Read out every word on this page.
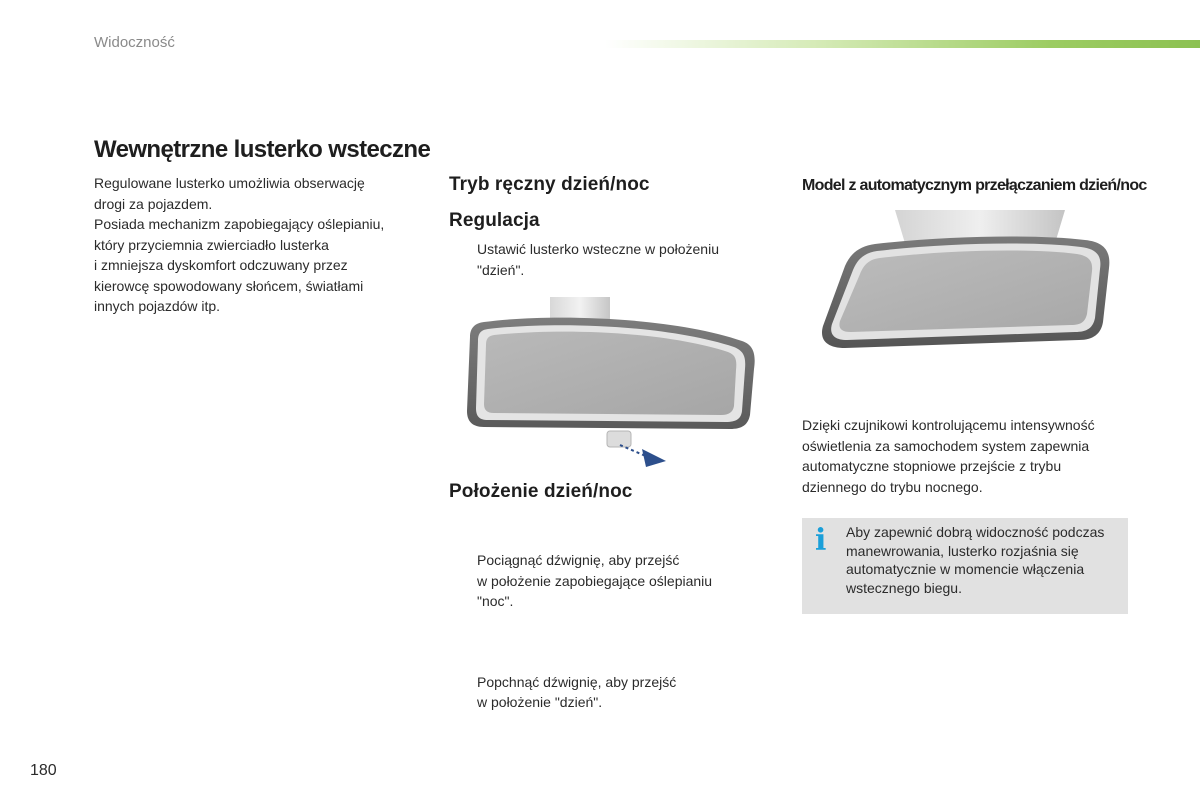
Widoczność
Wewnętrzne lusterko wsteczne
Regulowane lusterko umożliwia obserwację
drogi za pojazdem.
Posiada mechanizm zapobiegający oślepianiu,
który przyciemnia zwierciadło lusterka
i zmniejsza dyskomfort odczuwany przez
kierowcę spowodowany słońcem, światłami
innych pojazdów itp.
Tryb ręczny dzień/noc
Regulacja
Ustawić lusterko wsteczne w położeniu
"dzień".
Położenie dzień/noc
Pociągnąć dźwignię, aby przejść
w położenie zapobiegające oślepianiu
"noc".
Popchnąć dźwignię, aby przejść
w położenie "dzień".
Model z automatycznym przełączaniem dzień/noc
Dzięki czujnikowi kontrolującemu intensywność
oświetlenia za samochodem system zapewnia
automatyczne stopniowe przejście z trybu
dziennego do trybu nocnego.
i	Aby zapewnić dobrą widoczność podczas
manewrowania, lusterko rozjaśnia się
automatycznie w momencie włączenia
wstecznego biegu.
180
